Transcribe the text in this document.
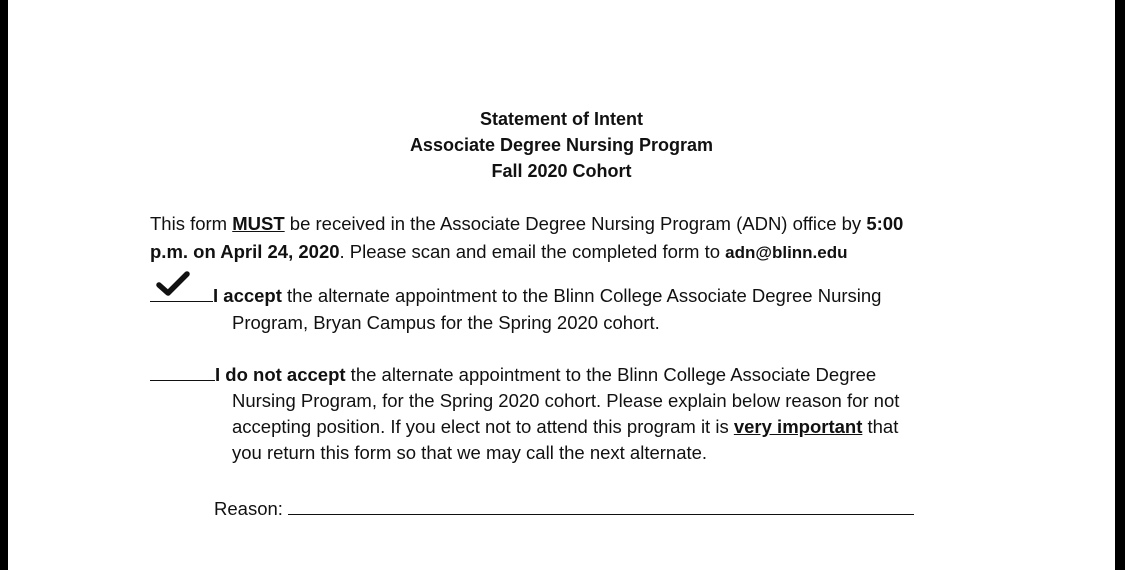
Statement of Intent
Associate Degree Nursing Program
Fall 2020 Cohort
This form MUST be received in the Associate Degree Nursing Program (ADN) office by 5:00
p.m. on April 24, 2020. Please scan and email the completed form to adn@blinn.edu
I accept the alternate appointment to the Blinn College Associate Degree Nursing
Program, Bryan Campus for the Spring 2020 cohort.
I do not accept the alternate appointment to the Blinn College Associate Degree
Nursing Program, for the Spring 2020 cohort. Please explain below reason for not
accepting position. If you elect not to attend this program it is very important that
you return this form so that we may call the next alternate.
Reason:
